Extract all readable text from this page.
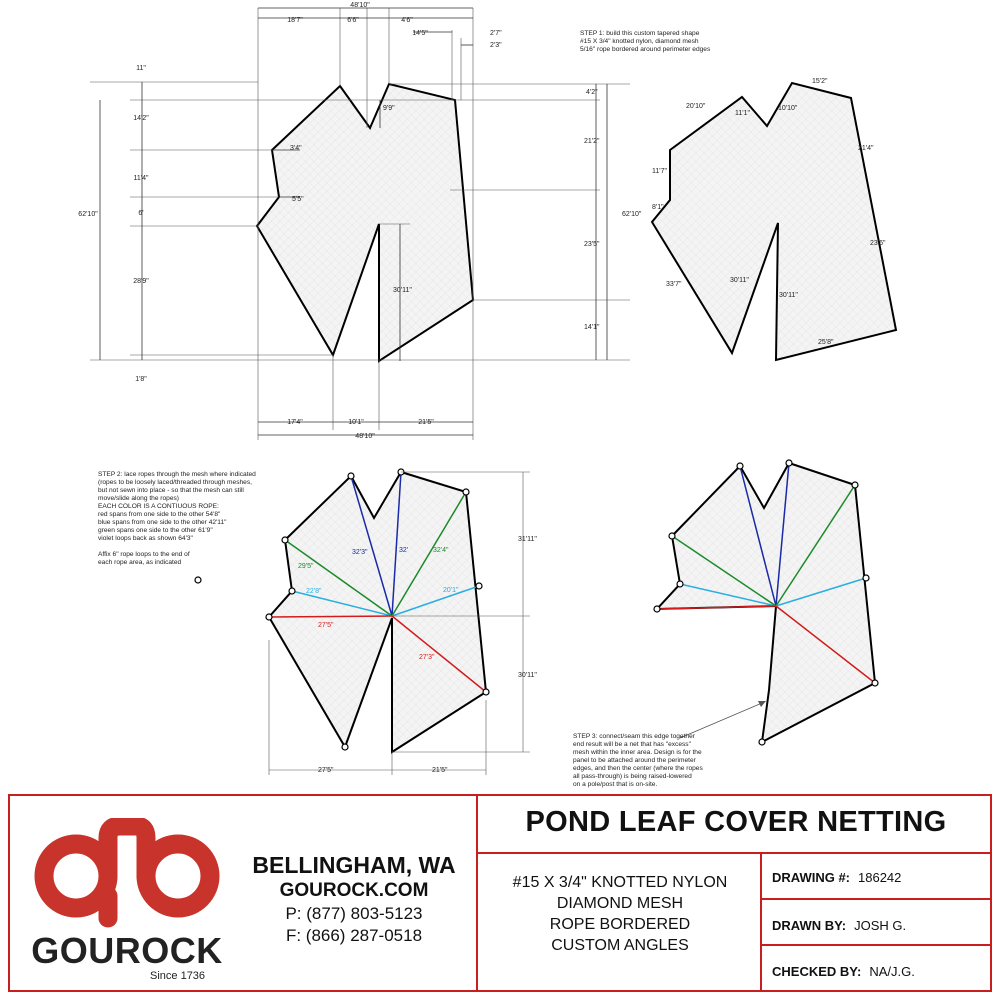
48'10"
18'7"	6'6"	4'6"
14'5"	2'7"
2'3"
62'10"
11"
14'2"
11'4"
6'
28'9"
1'8"
9'9"
3'4"
5'5"
30'11"
62'10"
4'2"
21'2"
23'5"
14'1"
48'10"
17'4"	10'1"	21'5"
15'2"
20'10"
11'1"
10'10"
21'4"
11'7"
8'1"
23'6"
33'7"
30'11"
30'11"
25'8"
32'3"	32'	32'4"
29'5"
22'8"	20'1"
27'5"
27'3"
31'11"
30'11"
27'5"	21'5"
STEP 1: build this custom tapered shape
#15 X 3/4" knotted nylon, diamond mesh
5/16" rope bordered around perimeter edges
STEP 2: lace ropes through the mesh where indicated
(ropes to be loosely laced/threaded through meshes,
but not sewn into place - so that the mesh can still
move/slide along the ropes)
EACH COLOR IS A CONTIUOUS ROPE:
red spans from one side to the other 54'8"
blue spans from one side to the other 42'11"
green spans one side to the other 61'9"
violet loops back as shown 64'3"
Affix 6" rope loops to the end of
each rope area, as indicated
STEP 3: connect/seam this edge together
end result will be a net that has "excess"
mesh within the inner area. Design is for the
panel to be attached around the perimeter
edges, and then the center (where the ropes
all pass-through) is being raised-lowered
on a pole/post that is on-site.
GOUROCK
Since 1736
BELLINGHAM, WA
GOUROCK.COM
P: (877) 803-5123
F: (866) 287-0518
POND LEAF COVER NETTING
#15 X 3/4" KNOTTED NYLON
DIAMOND MESH
ROPE BORDERED
CUSTOM ANGLES
DRAWING #: 186242
DRAWN BY: JOSH G.
CHECKED BY: NA/J.G.
